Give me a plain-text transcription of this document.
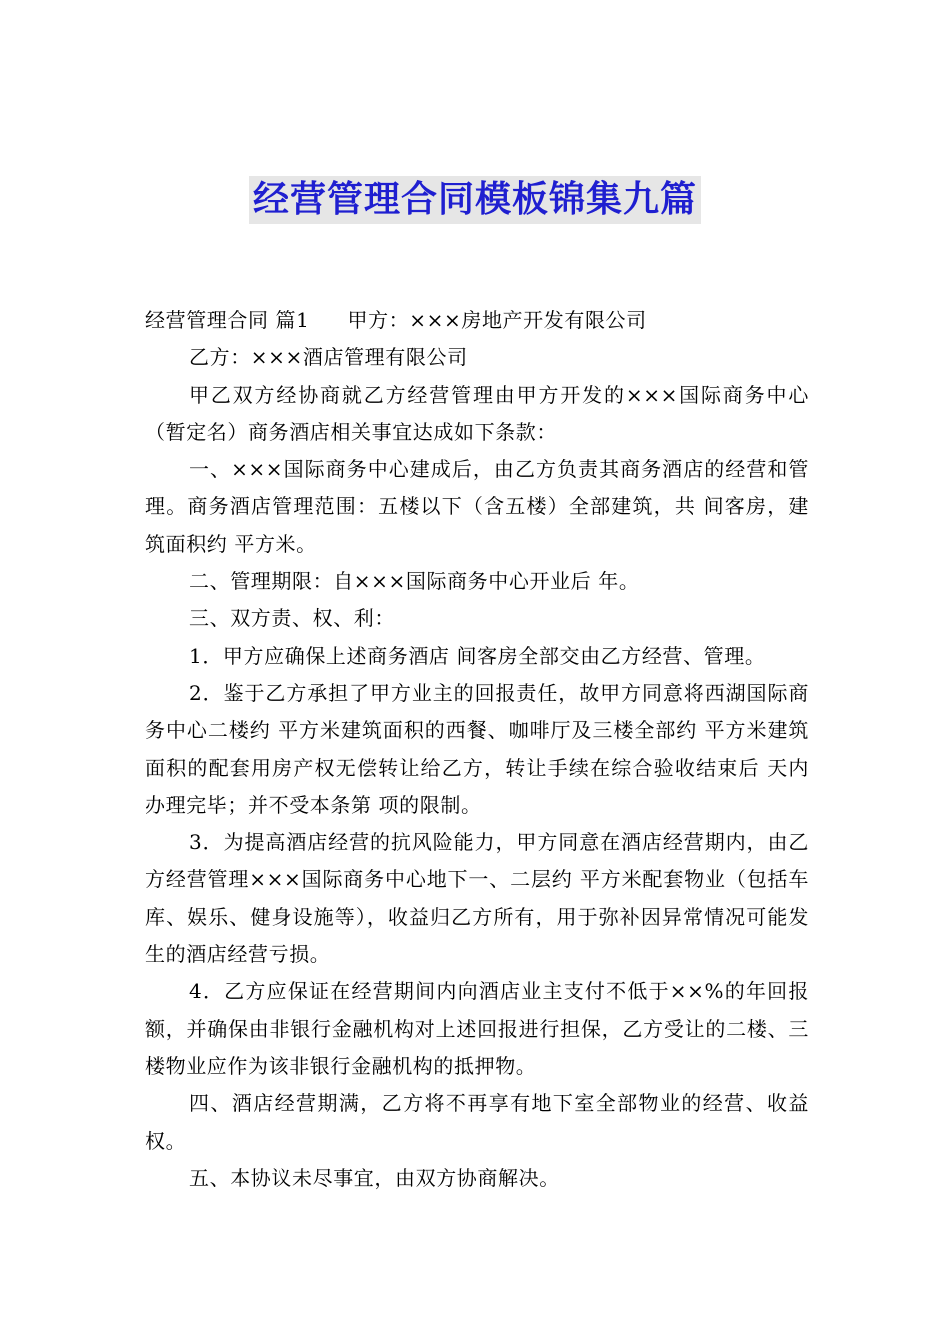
经营管理合同模板锦集九篇

经营管理合同 篇1 甲方：×××房地产开发有限公司

乙方：×××酒店管理有限公司

甲乙双方经协商就乙方经营管理由甲方开发的×××国际商务中心（暂定名）商务酒店相关事宜达成如下条款：

一、×××国际商务中心建成后，由乙方负责其商务酒店的经营和管理。商务酒店管理范围：五楼以下（含五楼）全部建筑，共 间客房，建筑面积约 平方米。

二、管理期限：自×××国际商务中心开业后 年。

三、双方责、权、利：

1．甲方应确保上述商务酒店 间客房全部交由乙方经营、管理。

2．鉴于乙方承担了甲方业主的回报责任，故甲方同意将西湖国际商务中心二楼约 平方米建筑面积的西餐、咖啡厅及三楼全部约 平方米建筑面积的配套用房产权无偿转让给乙方，转让手续在综合验收结束后 天内办理完毕；并不受本条第 项的限制。

3．为提高酒店经营的抗风险能力，甲方同意在酒店经营期内，由乙方经营管理×××国际商务中心地下一、二层约 平方米配套物业（包括车库、娱乐、健身设施等），收益归乙方所有，用于弥补因异常情况可能发生的酒店经营亏损。

4．乙方应保证在经营期间内向酒店业主支付不低于××%的年回报额，并确保由非银行金融机构对上述回报进行担保，乙方受让的二楼、三楼物业应作为该非银行金融机构的抵押物。

四、酒店经营期满，乙方将不再享有地下室全部物业的经营、收益权。

五、本协议未尽事宜，由双方协商解决。
